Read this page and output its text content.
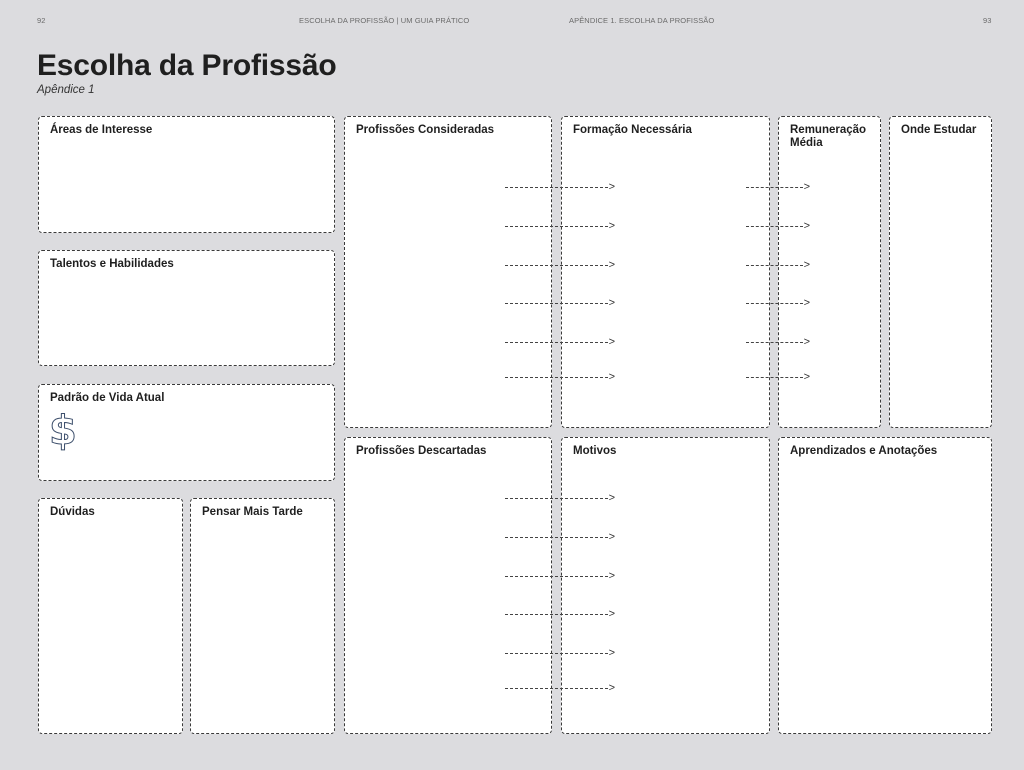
92	ESCOLHA DA PROFISSÃO | UM GUIA PRÁTICO	APÊNDICE 1. ESCOLHA DA PROFISSÃO	93
Escolha da Profissão
Apêndice 1
Áreas de Interesse
Talentos e Habilidades
Padrão de Vida Atual
$
Dúvidas	Pensar Mais Tarde
Profissões Consideradas	Formação Necessária	Remuneração Média
Onde Estudar
Profissões Descartadas	Motivos	Aprendizados e Anotações
>
>
>
>
>
>
>
>
>
>
>
>
>
>
>
>
>
>
